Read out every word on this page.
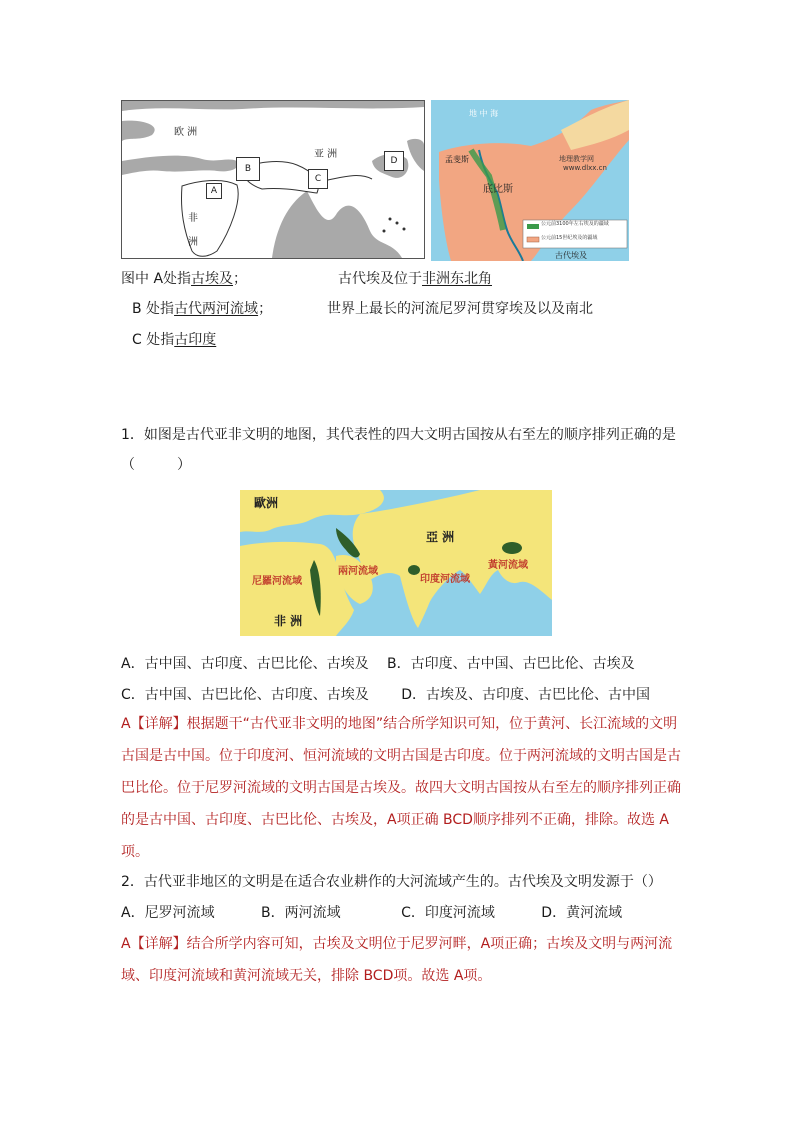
欧 洲
亚 洲
非
洲
A
B
C
D
地 中 海
孟斐斯
底比斯
地理教学网
www.dlxx.cn
公元前3100年左右埃及的疆域
公元前15世纪埃及的疆域
古代埃及
图中 A处指古埃及；	古代埃及位于非洲东北角
B 处指古代两河流域；	世界上最长的河流尼罗河贯穿埃及以及南北
C 处指古印度
1．如图是古代亚非文明的地图，其代表性的四大文明古国按从右至左的顺序排列正确的是
（　　　）
歐洲
亞 洲
非 洲
尼羅河流域
兩河流域
印度河流域
黃河流域
A．古中国、古印度、古巴比伦、古埃及　 B．古印度、古中国、古巴比伦、古埃及
C．古中国、古巴比伦、古印度、古埃及　　 D．古埃及、古印度、古巴比伦、古中国
A【详解】根据题干“古代亚非文明的地图”结合所学知识可知，位于黄河、长江流域的文明古国是古中国。位于印度河、恒河流域的文明古国是古印度。位于两河流域的文明古国是古巴比伦。位于尼罗河流域的文明古国是古埃及。故四大文明古国按从右至左的顺序排列正确的是古中国、古印度、古巴比伦、古埃及，A项正确 BCD顺序排列不正确，排除。故选 A项。
2．古代亚非地区的文明是在适合农业耕作的大河流域产生的。古代埃及文明发源于（）
A．尼罗河流域　　　 B．两河流域　　　　 C．印度河流域　　　 D．黄河流域
A【详解】结合所学内容可知，古埃及文明位于尼罗河畔，A项正确；古埃及文明与两河流域、印度河流域和黄河流域无关，排除 BCD项。故选 A项。
